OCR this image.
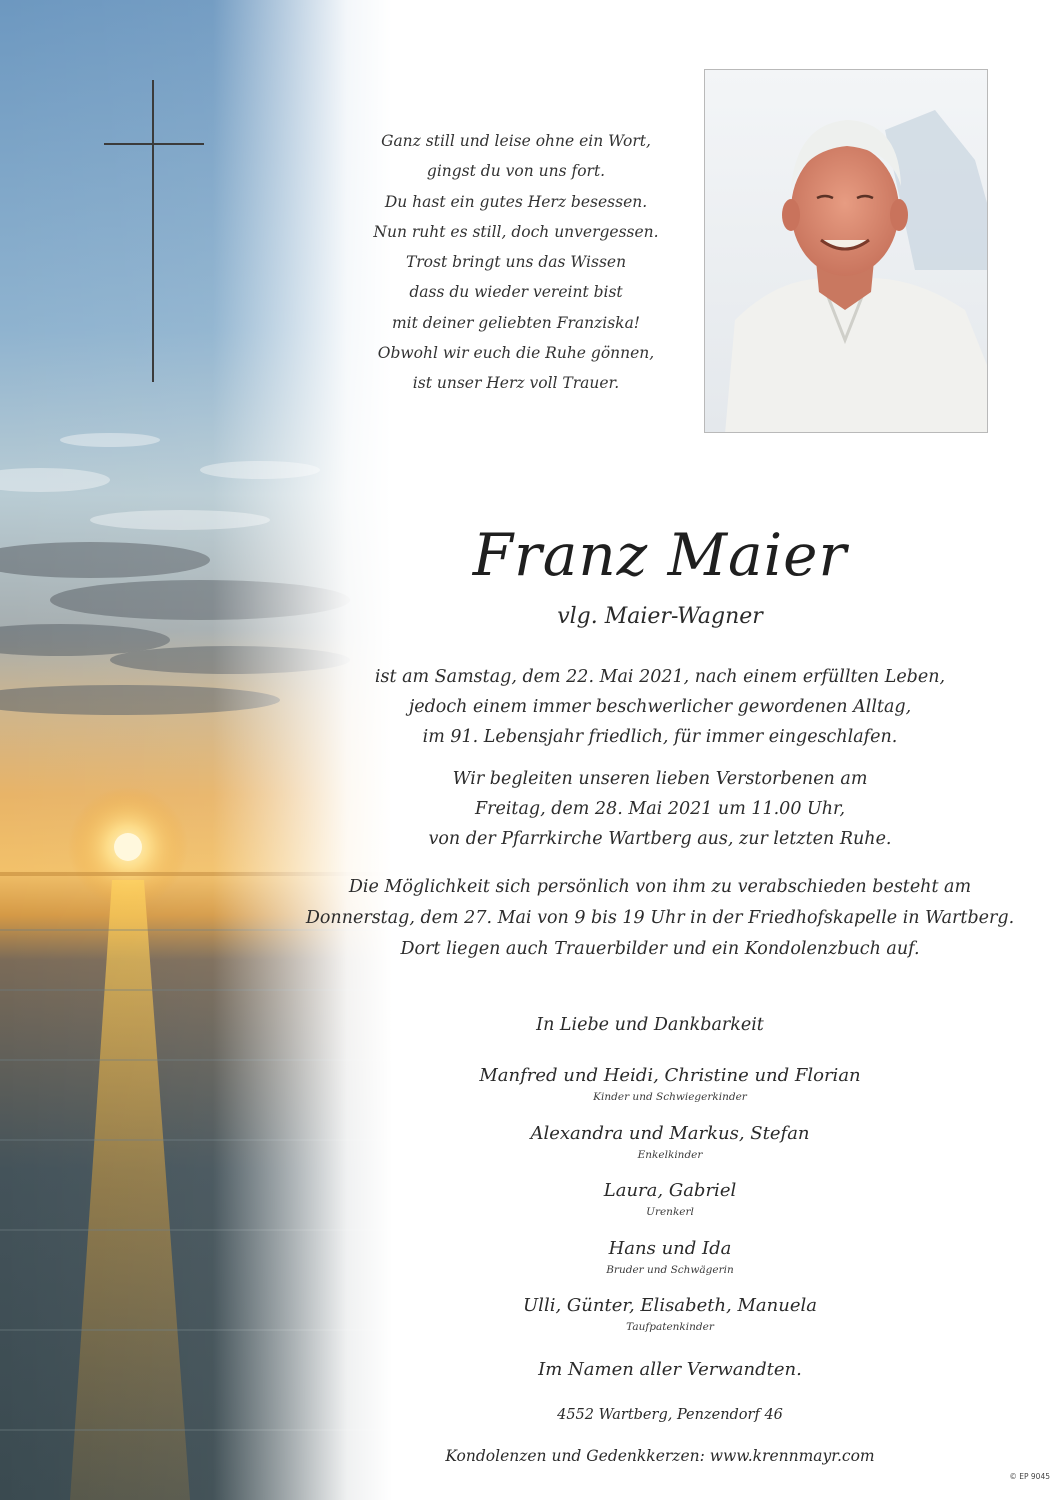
Ganz still und leise ohne ein Wort,
gingst du von uns fort.
Du hast ein gutes Herz besessen.
Nun ruht es still, doch unvergessen.
Trost bringt uns das Wissen
dass du wieder vereint bist
mit deiner geliebten Franziska!
Obwohl wir euch die Ruhe gönnen,
ist unser Herz voll Trauer.
Franz Maier
vlg. Maier-Wagner
ist am Samstag, dem 22. Mai 2021, nach einem erfüllten Leben,
jedoch einem immer beschwerlicher gewordenen Alltag,
im 91. Lebensjahr friedlich, für immer eingeschlafen.
Wir begleiten unseren lieben Verstorbenen am
Freitag, dem 28. Mai 2021 um 11.00 Uhr,
von der Pfarrkirche Wartberg aus, zur letzten Ruhe.
Die Möglichkeit sich persönlich von ihm zu verabschieden besteht am
Donnerstag, dem 27. Mai von 9 bis 19 Uhr in der Friedhofskapelle in Wartberg.
Dort liegen auch Trauerbilder und ein Kondolenzbuch auf.
In Liebe und Dankbarkeit
Manfred und Heidi, Christine und Florian
Kinder und Schwiegerkinder
Alexandra und Markus, Stefan
Enkelkinder
Laura, Gabriel
Urenkerl
Hans und Ida
Bruder und Schwägerin
Ulli, Günter, Elisabeth, Manuela
Taufpatenkinder
Im Namen aller Verwandten.
4552 Wartberg, Penzendorf 46
Kondolenzen und Gedenkkerzen: www.krennmayr.com
© EP 9045
